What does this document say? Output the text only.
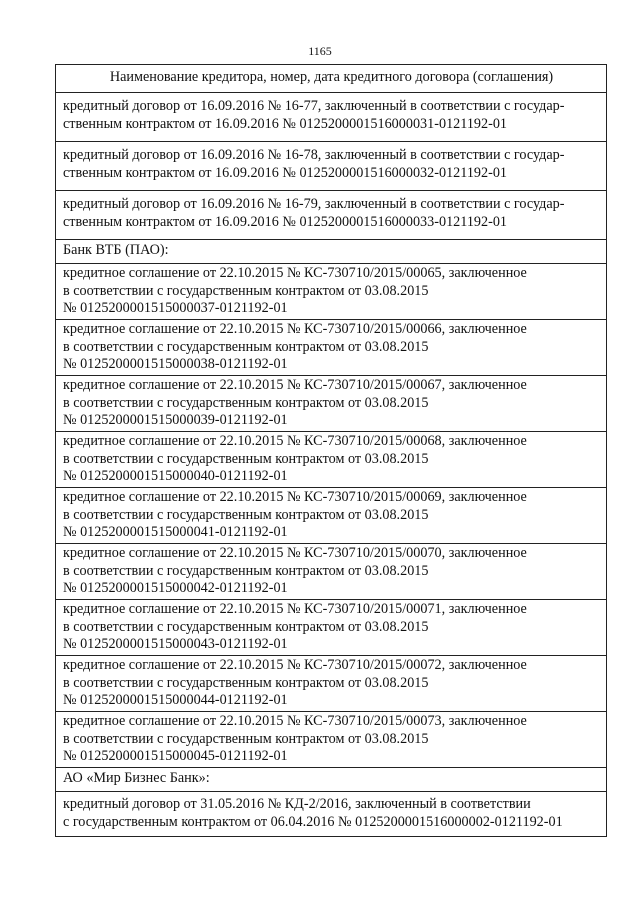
1165
Наименование кредитора, номер, дата кредитного договора (соглашения)
кредитный договор от 16.09.2016 № 16-77, заключенный в соответствии с государ-
ственным контрактом от 16.09.2016 № 0125200001516000031-0121192-01
кредитный договор от 16.09.2016 № 16-78, заключенный в соответствии с государ-
ственным контрактом от 16.09.2016 № 0125200001516000032-0121192-01
кредитный договор от 16.09.2016 № 16-79, заключенный в соответствии с государ-
ственным контрактом от 16.09.2016 № 0125200001516000033-0121192-01
Банк ВТБ (ПАО):
кредитное соглашение от 22.10.2015 № КС-730710/2015/00065, заключенное
в соответствии с государственным контрактом от 03.08.2015
№ 0125200001515000037-0121192-01
кредитное соглашение от 22.10.2015 № КС-730710/2015/00066, заключенное
в соответствии с государственным контрактом от 03.08.2015
№ 0125200001515000038-0121192-01
кредитное соглашение от 22.10.2015 № КС-730710/2015/00067, заключенное
в соответствии с государственным контрактом от 03.08.2015
№ 0125200001515000039-0121192-01
кредитное соглашение от 22.10.2015 № КС-730710/2015/00068, заключенное
в соответствии с государственным контрактом от 03.08.2015
№ 0125200001515000040-0121192-01
кредитное соглашение от 22.10.2015 № КС-730710/2015/00069, заключенное
в соответствии с государственным контрактом от 03.08.2015
№ 0125200001515000041-0121192-01
кредитное соглашение от 22.10.2015 № КС-730710/2015/00070, заключенное
в соответствии с государственным контрактом от 03.08.2015
№ 0125200001515000042-0121192-01
кредитное соглашение от 22.10.2015 № КС-730710/2015/00071, заключенное
в соответствии с государственным контрактом от 03.08.2015
№ 0125200001515000043-0121192-01
кредитное соглашение от 22.10.2015 № КС-730710/2015/00072, заключенное
в соответствии с государственным контрактом от 03.08.2015
№ 0125200001515000044-0121192-01
кредитное соглашение от 22.10.2015 № КС-730710/2015/00073, заключенное
в соответствии с государственным контрактом от 03.08.2015
№ 0125200001515000045-0121192-01
АО «Мир Бизнес Банк»:
кредитный договор от 31.05.2016 № КД-2/2016, заключенный в соответствии
с государственным контрактом от 06.04.2016 № 0125200001516000002-0121192-01
